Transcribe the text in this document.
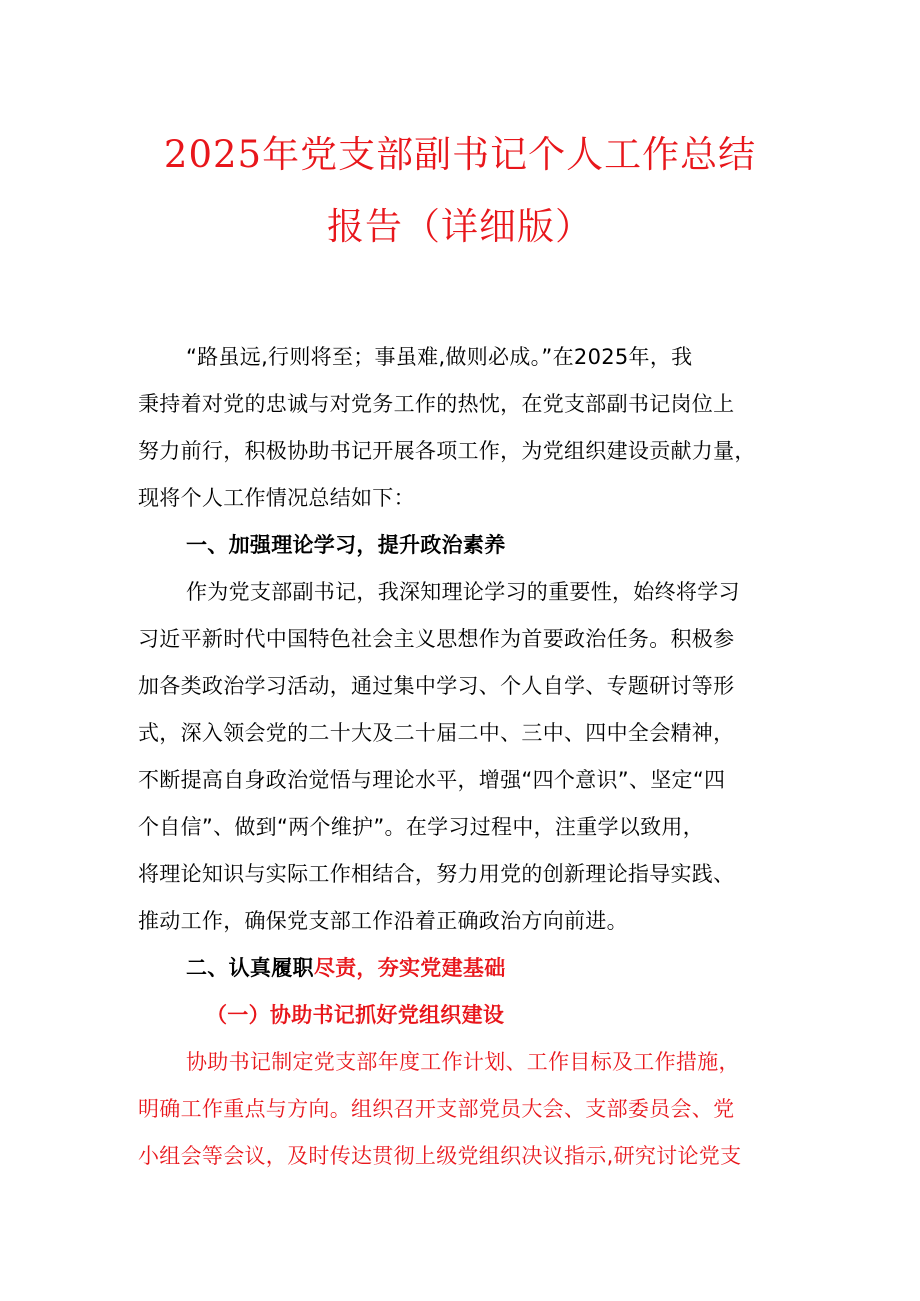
2025年党支部副书记个人工作总结
报告（详细版）
“路虽远,行则将至；事虽难,做则必成。”在2025年，我
秉持着对党的忠诚与对党务工作的热忱，在党支部副书记岗位上
努力前行，积极协助书记开展各项工作，为党组织建设贡献力量，
现将个人工作情况总结如下：
一、加强理论学习，提升政治素养
作为党支部副书记，我深知理论学习的重要性，始终将学习
习近平新时代中国特色社会主义思想作为首要政治任务。积极参
加各类政治学习活动，通过集中学习、个人自学、专题研讨等形
式，深入领会党的二十大及二十届二中、三中、四中全会精神，
不断提高自身政治觉悟与理论水平，增强“四个意识”、坚定“四
个自信”、做到“两个维护”。在学习过程中，注重学以致用，
将理论知识与实际工作相结合，努力用党的创新理论指导实践、
推动工作，确保党支部工作沿着正确政治方向前进。
二、认真履职尽责，夯实党建基础
（一）协助书记抓好党组织建设
协助书记制定党支部年度工作计划、工作目标及工作措施，
明确工作重点与方向。组织召开支部党员大会、支部委员会、党
小组会等会议，及时传达贯彻上级党组织决议指示,研究讨论党支
